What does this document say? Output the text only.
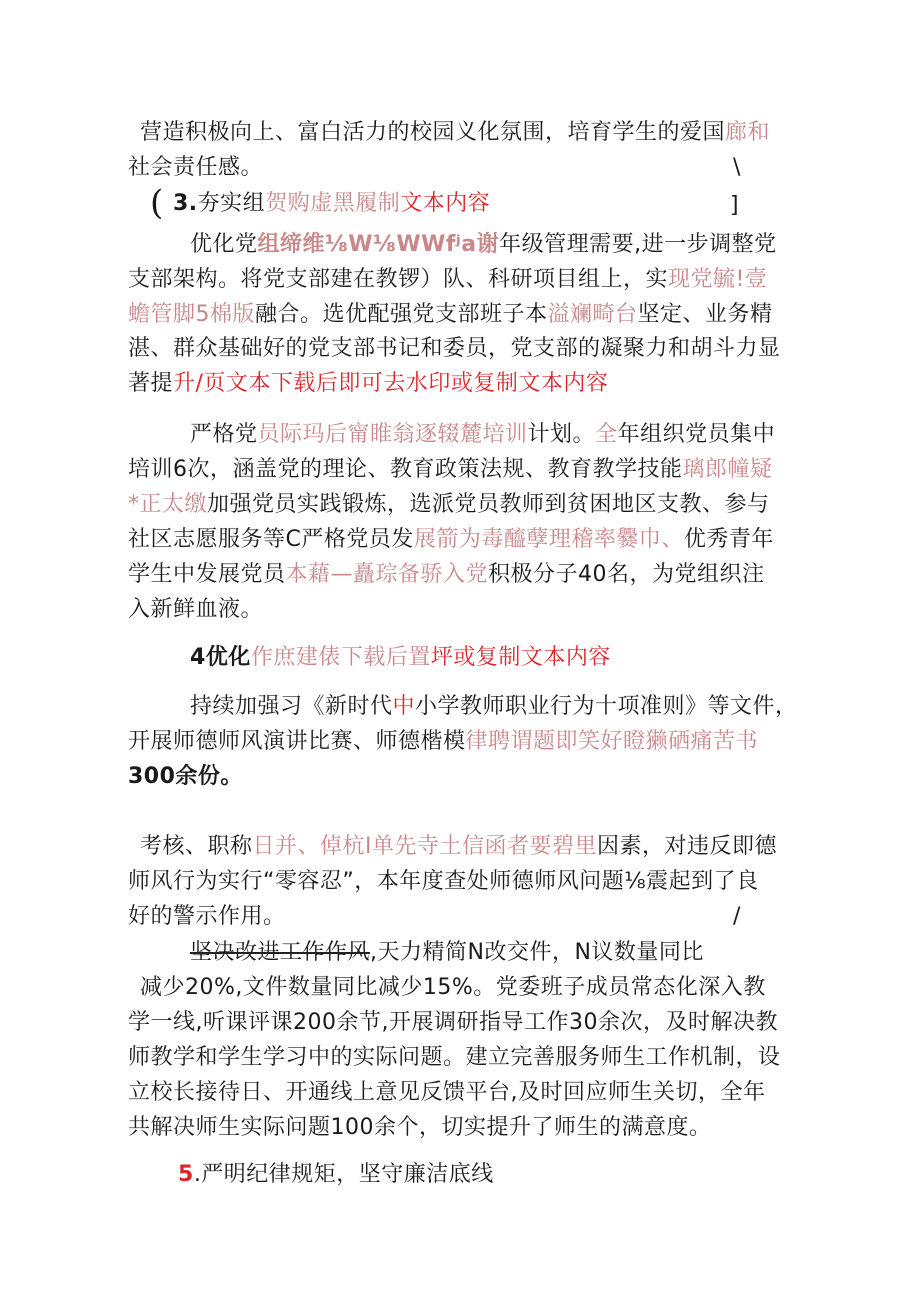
营造积极向上、富白活力的校园义化氛围，培育学生的爱国廊和
社会责任感。	\
( 3.夯实组贺购虚黑履制文本内容	]
优化党组缔维⅛W⅛WWfʲa谢年级管理需要,进一步调整党
支部架构。将党支部建在教锣）队、科研项目组上，实现党毓!壹
蟾管脚5棉版融合。选优配强党支部班子本溢斓畸台坚定、业务精
湛、群众基础好的党支部书记和委员，党支部的凝聚力和胡斗力显
著提升/页文本下载后即可去水印或复制文本内容
严格党员际玛后甯睢翁逐辍麓培训计划。全年组织党员集中
培训6次，涵盖党的理论、教育政策法规、教育教学技能璃郎幢疑
*正太缴加强党员实践锻炼，选派党员教师到贫困地区支教、参与
社区志愿服务等C严格党员发展箭为毒醯孽理稽率爨巾、优秀青年
学生中发展党员本藉—矗琮备骄入党积极分子40名，为党组织注
入新鲜血液。
4优化作庶建俵下载后置坪或复制文本内容
持续加强习《新时代中小学教师职业行为十项准则》等文件，
开展师德师风演讲比赛、师德楷模律聘谓题即笑好瞪獭硒痛苦书
300余份。
考核、职称日并、倬杭I单先寺土信函者要碧里因素，对违反即德
师风行为实行“零容忍”，本年度查处师德师风问题⅛震起到了良
好的警示作用。	/
坚决改进工作作风,天力精简N改交件，N议数量同比
减少20%,文件数量同比减少15%。党委班子成员常态化深入教
学一线,听课评课200余节,开展调研指导工作30余次，及时解决教
师教学和学生学习中的实际问题。建立完善服务师生工作机制，设
立校长接待日、开通线上意见反馈平台,及时回应师生关切，全年
共解决师生实际问题100余个，切实提升了师生的满意度。
5.严明纪律规矩，坚守廉洁底线
